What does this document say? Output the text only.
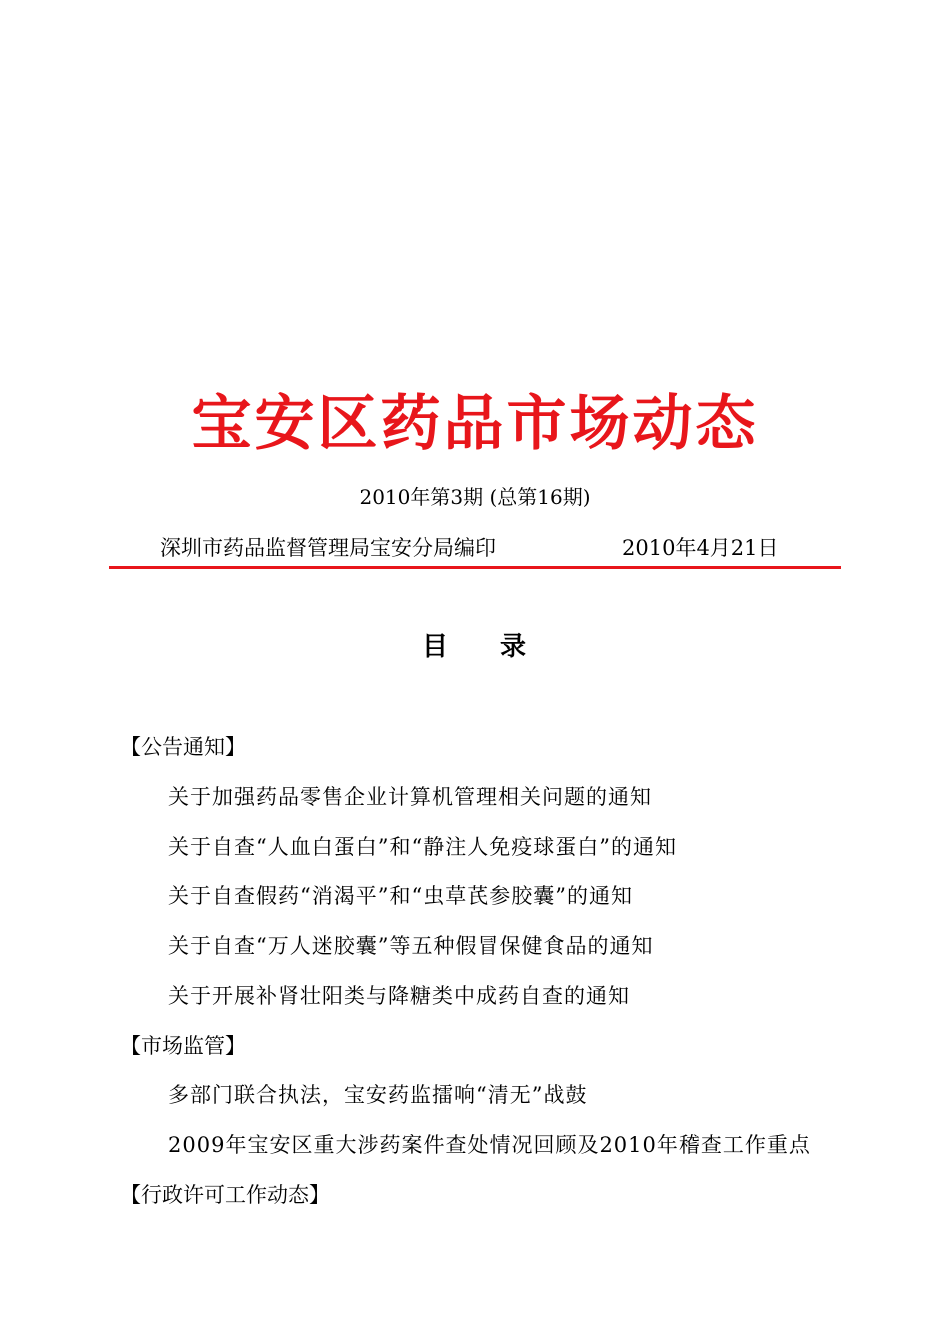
宝安区药品市场动态
2010年第3期 (总第16期)
深圳市药品监督管理局宝安分局编印	2010年4月21日
目 录
【公告通知】
关于加强药品零售企业计算机管理相关问题的通知
关于自查“人血白蛋白”和“静注人免疫球蛋白”的通知
关于自查假药“消渴平”和“虫草芪参胶囊”的通知
关于自查“万人迷胶囊”等五种假冒保健食品的通知
关于开展补肾壮阳类与降糖类中成药自查的通知
【市场监管】
多部门联合执法，宝安药监擂响“清无”战鼓
2009年宝安区重大涉药案件查处情况回顾及2010年稽查工作重点
【行政许可工作动态】
